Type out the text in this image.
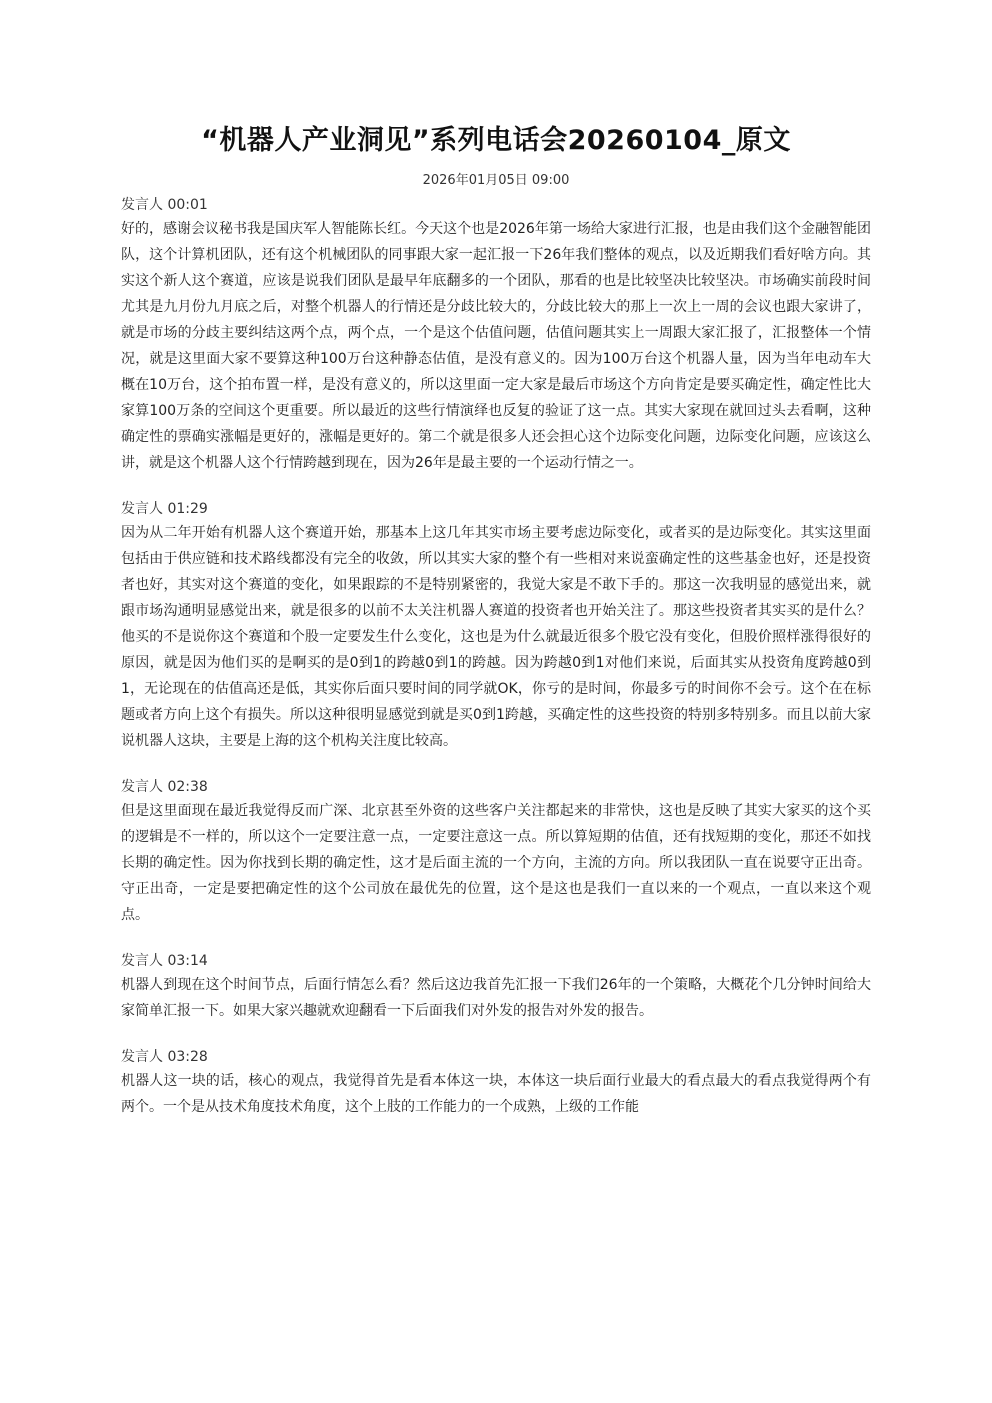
“机器人产业洞见”系列电话会20260104_原文
2026年01月05日 09:00
发言人 00:01

好的，感谢会议秘书我是国庆军人智能陈长红。今天这个也是2026年第一场给大家进行汇报，也是由我们这个金融智能团队，这个计算机团队，还有这个机械团队的同事跟大家一起汇报一下26年我们整体的观点，以及近期我们看好啥方向。其实这个新人这个赛道，应该是说我们团队是最早年底翻多的一个团队，那看的也是比较坚决比较坚决。市场确实前段时间尤其是九月份九月底之后，对整个机器人的行情还是分歧比较大的，分歧比较大的那上一次上一周的会议也跟大家讲了，就是市场的分歧主要纠结这两个点，两个点，一个是这个估值问题，估值问题其实上一周跟大家汇报了，汇报整体一个情况，就是这里面大家不要算这种100万台这种静态估值，是没有意义的。因为100万台这个机器人量，因为当年电动车大概在10万台，这个拍布置一样，是没有意义的，所以这里面一定大家是最后市场这个方向肯定是要买确定性，确定性比大家算100万条的空间这个更重要。所以最近的这些行情演绎也反复的验证了这一点。其实大家现在就回过头去看啊，这种确定性的票确实涨幅是更好的，涨幅是更好的。第二个就是很多人还会担心这个边际变化问题，边际变化问题，应该这么讲，就是这个机器人这个行情跨越到现在，因为26年是最主要的一个运动行情之一。

发言人 01:29

因为从二年开始有机器人这个赛道开始，那基本上这几年其实市场主要考虑边际变化，或者买的是边际变化。其实这里面包括由于供应链和技术路线都没有完全的收敛，所以其实大家的整个有一些相对来说蛮确定性的这些基金也好，还是投资者也好，其实对这个赛道的变化，如果跟踪的不是特别紧密的，我觉大家是不敢下手的。那这一次我明显的感觉出来，就跟市场沟通明显感觉出来，就是很多的以前不太关注机器人赛道的投资者也开始关注了。那这些投资者其实买的是什么？他买的不是说你这个赛道和个股一定要发生什么变化，这也是为什么就最近很多个股它没有变化，但股价照样涨得很好的原因，就是因为他们买的是啊买的是0到1的跨越0到1的跨越。因为跨越0到1对他们来说，后面其实从投资角度跨越0到1，无论现在的估值高还是低，其实你后面只要时间的同学就OK，你亏的是时间，你最多亏的时间你不会亏。这个在在标题或者方向上这个有损失。所以这种很明显感觉到就是买0到1跨越，买确定性的这些投资的特别多特别多。而且以前大家说机器人这块，主要是上海的这个机构关注度比较高。

发言人 02:38

但是这里面现在最近我觉得反而广深、北京甚至外资的这些客户关注都起来的非常快，这也是反映了其实大家买的这个买的逻辑是不一样的，所以这个一定要注意一点，一定要注意这一点。所以算短期的估值，还有找短期的变化，那还不如找长期的确定性。因为你找到长期的确定性，这才是后面主流的一个方向，主流的方向。所以我团队一直在说要守正出奇。守正出奇，一定是要把确定性的这个公司放在最优先的位置，这个是这也是我们一直以来的一个观点，一直以来这个观点。

发言人 03:14

机器人到现在这个时间节点，后面行情怎么看？然后这边我首先汇报一下我们26年的一个策略，大概花个几分钟时间给大家简单汇报一下。如果大家兴趣就欢迎翻看一下后面我们对外发的报告对外发的报告。

发言人 03:28

机器人这一块的话，核心的观点，我觉得首先是看本体这一块，本体这一块后面行业最大的看点最大的看点我觉得两个有两个。一个是从技术角度技术角度，这个上肢的工作能力的一个成熟，上级的工作能
